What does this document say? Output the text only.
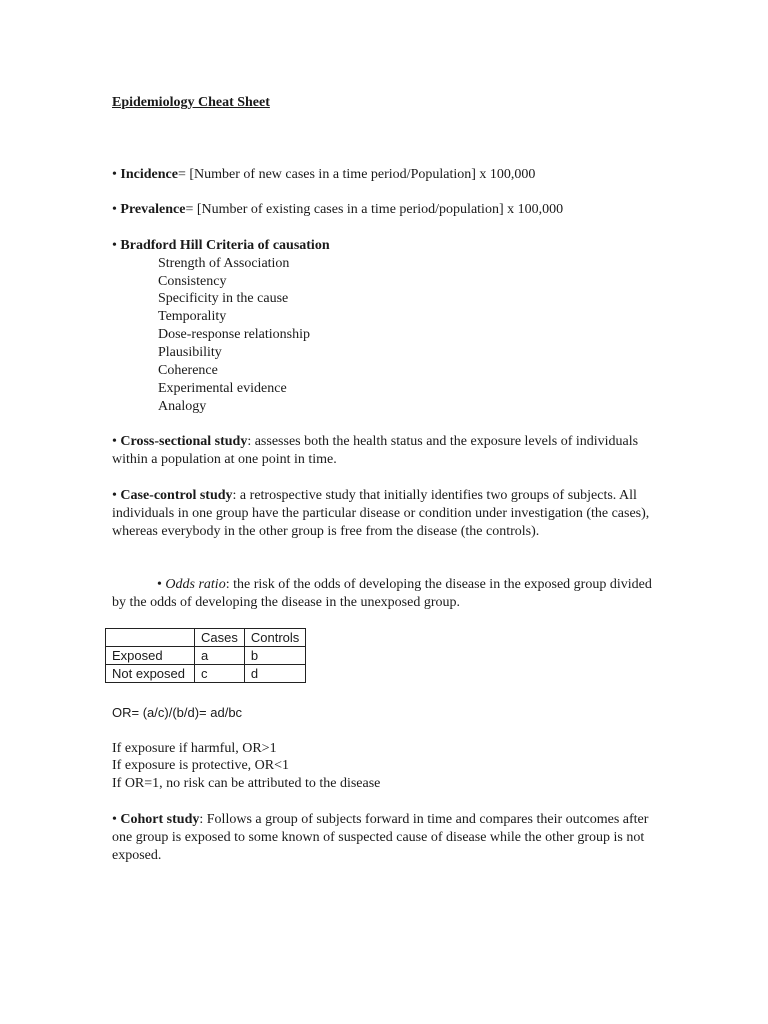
Epidemiology Cheat Sheet
• Incidence= [Number of new cases in a time period/Population] x 100,000
• Prevalence= [Number of existing cases in a time period/population] x 100,000
• Bradford Hill Criteria of causation
Strength of Association
Consistency
Specificity in the cause
Temporality
Dose-response relationship
Plausibility
Coherence
Experimental evidence
Analogy
• Cross-sectional study: assesses both the health status and the exposure levels of individuals within a population at one point in time.
• Case-control study: a retrospective study that initially identifies two groups of subjects. All individuals in one group have the particular disease or condition under investigation (the cases), whereas everybody in the other group is free from the disease (the controls).
• Odds ratio: the risk of the odds of developing the disease in the exposed group divided by the odds of developing the disease in the unexposed group.
	Cases	Controls
Exposed	a	b
Not exposed	c	d
OR= (a/c)/(b/d)= ad/bc
If exposure if harmful, OR>1
If exposure is protective, OR<1
If OR=1, no risk can be attributed to the disease
• Cohort study: Follows a group of subjects forward in time and compares their outcomes after one group is exposed to some known of suspected cause of disease while the other group is not exposed.
